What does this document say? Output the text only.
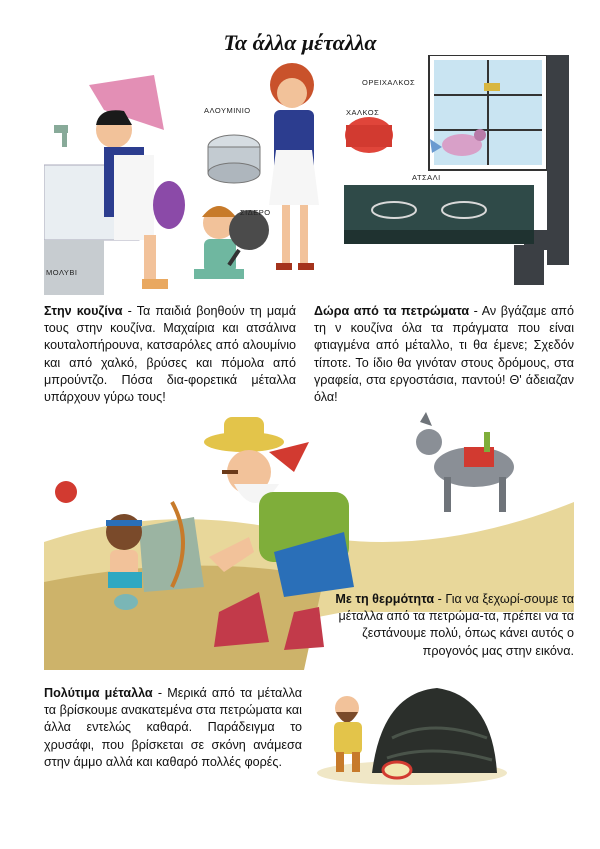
Τα άλλα μέταλλα
ΑΛΟΥΜΙΝΙΟ
ΟΡΕΙΧΑΛΚΟΣ
ΧΑΛΚΟΣ
ΑΤΣΑΛΙ
ΣΙΔΕΡΟ
ΜΟΛΥΒΙ

Στην κουζίνα - Τα παιδιά βοηθούν τη μαμά τους στην κουζίνα. Μαχαίρια και ατσάλινα κουταλοπήρουνα, κατσαρόλες από αλουμίνιο και από χαλκό, βρύσες και πόμολα από μπρούντζο. Πόσα δια-φορετικά μέταλλα υπάρχουν γύρω τους!

Δώρα από τα πετρώματα - Αν βγάζαμε από τη ν κουζίνα όλα τα πράγματα που είναι φτιαγμένα από μέταλλο, τι θα έμενε; Σχεδόν τίποτε. Το ίδιο θα γινόταν στους δρόμους, στα γραφεία, στα εργοστάσια, παντού! Θ' άδειαζαν όλα!

Με τη θερμότητα - Για να ξεχωρί-σουμε τα μέταλλα από τα πετρώμα-τα, πρέπει να τα ζεστάνουμε πολύ, όπως κάνει αυτός ο προγονός μας στην εικόνα.

Πολύτιμα μέταλλα - Μερικά από τα μέταλλα τα βρίσκουμε ανακατεμένα στα πετρώματα και άλλα εντελώς καθαρά. Παράδειγμα το χρυσάφι, που βρίσκεται σε σκόνη ανάμεσα στην άμμο αλλά και καθαρό πολλές φορές.
